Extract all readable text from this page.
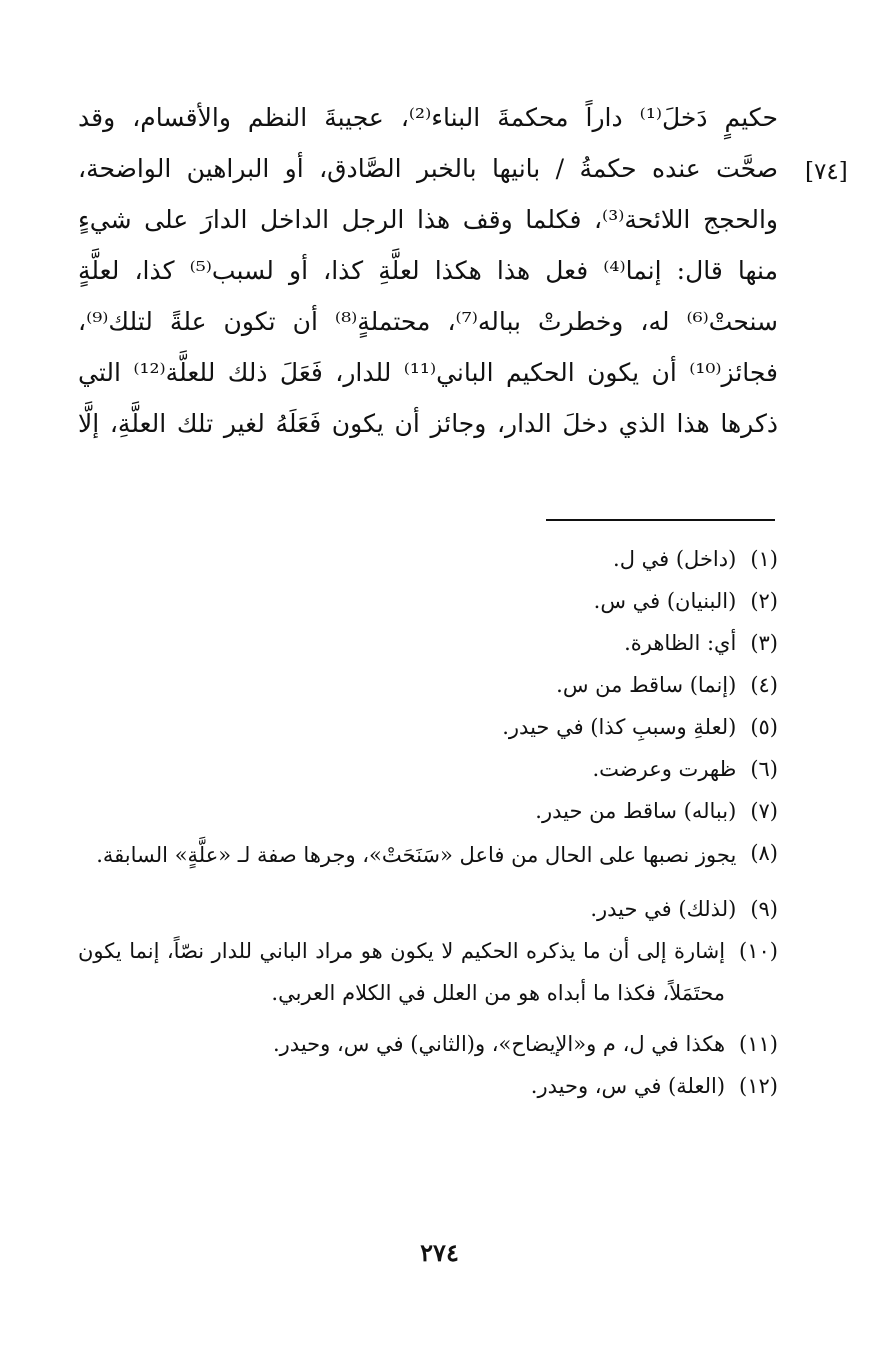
حكيمٍ دَخلَ⁽¹⁾ داراً محكمةَ البناء⁽²⁾، عجيبةَ النظم والأقسام، وقد

صحَّت عنده حكمةُ / بانيها بالخبر الصَّادق، أو البراهين الواضحة،

والحجج اللائحة⁽³⁾، فكلما وقف هذا الرجل الداخل الدارَ على شيءٍ

منها قال: إنما⁽⁴⁾ فعل هذا هكذا لعلَّةِ كذا، أو لسبب⁽⁵⁾ كذا، لعلَّةٍ

سنحتْ⁽⁶⁾ له، وخطرتْ بباله⁽⁷⁾، محتملةٍ⁽⁸⁾ أن تكون علةً لتلك⁽⁹⁾،

فجائز⁽¹⁰⁾ أن يكون الحكيم الباني⁽¹¹⁾ للدار، فَعَلَ ذلك للعلَّة⁽¹²⁾ التي

ذكرها هذا الذي دخلَ الدار، وجائز أن يكون فَعَلَهُ لغير تلك العلَّةِ، إلَّا

[٧٤]
(١)
(داخل) في ل.
(٢)
(البنيان) في س.
(٣)
أي: الظاهرة.
(٤)
(إنما) ساقط من س.
(٥)
(لعلةِ وسببِ كذا) في حيدر.
(٦)
ظهرت وعرضت.
(٧)
(بباله) ساقط من حيدر.
(٨)
يجوز نصبها على الحال من فاعل «سَنَحَتْ»، وجرها صفة لـ «علَّةٍ» السابقة.
(٩)
(لذلك) في حيدر.
(١٠)
إشارة إلى أن ما يذكره الحكيم لا يكون هو مراد الباني للدار نصّاً، إنما يكون محتَمَلاً، فكذا ما أبداه هو من العلل في الكلام العربي.
(١١)
هكذا في ل، م و«الإيضاح»، و(الثاني) في س، وحيدر.
(١٢)
(العلة) في س، وحيدر.
٢٧٤
